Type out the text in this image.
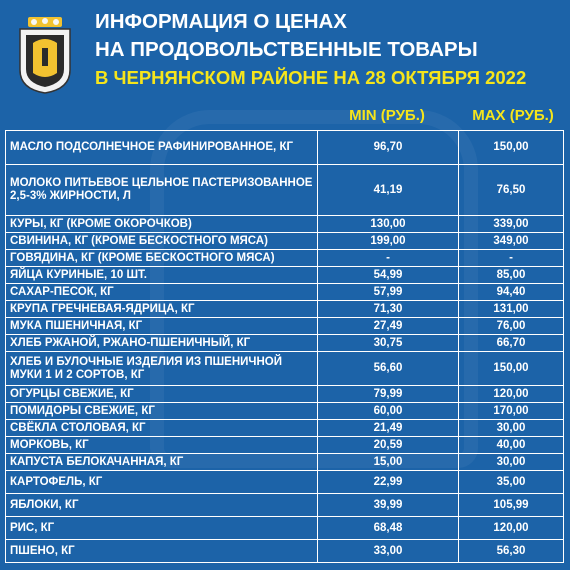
ИНФОРМАЦИЯ О ЦЕНАХ
НА ПРОДОВОЛЬСТВЕННЫЕ ТОВАРЫ
В ЧЕРНЯНСКОМ РАЙОНЕ НА 28 ОКТЯБРЯ 2022
MIN (РУБ.)	MAX (РУБ.)
МАСЛО ПОДСОЛНЕЧНОЕ РАФИНИРОВАННОЕ, КГ	96,70	150,00
МОЛОКО ПИТЬЕВОЕ ЦЕЛЬНОЕ ПАСТЕРИЗОВАННОЕ 2,5-3% ЖИРНОСТИ, Л	41,19	76,50
КУРЫ, КГ (КРОМЕ ОКОРОЧКОВ)	130,00	339,00
СВИНИНА, КГ (КРОМЕ БЕСКОСТНОГО МЯСА)	199,00	349,00
ГОВЯДИНА, КГ (КРОМЕ БЕСКОСТНОГО МЯСА)	-	-
ЯЙЦА КУРИНЫЕ, 10 ШТ.	54,99	85,00
САХАР-ПЕСОК, КГ	57,99	94,40
КРУПА ГРЕЧНЕВАЯ-ЯДРИЦА, КГ	71,30	131,00
МУКА ПШЕНИЧНАЯ, КГ	27,49	76,00
ХЛЕБ РЖАНОЙ, РЖАНО-ПШЕНИЧНЫЙ, КГ	30,75	66,70
ХЛЕБ И БУЛОЧНЫЕ ИЗДЕЛИЯ ИЗ ПШЕНИЧНОЙ МУКИ 1 И 2 СОРТОВ, КГ	56,60	150,00
ОГУРЦЫ СВЕЖИЕ, КГ	79,99	120,00
ПОМИДОРЫ СВЕЖИЕ, КГ	60,00	170,00
СВЁКЛА СТОЛОВАЯ, КГ	21,49	30,00
МОРКОВЬ, КГ	20,59	40,00
КАПУСТА БЕЛОКАЧАННАЯ, КГ	15,00	30,00
КАРТОФЕЛЬ, КГ	22,99	35,00
ЯБЛОКИ, КГ	39,99	105,99
РИС, КГ	68,48	120,00
ПШЕНО, КГ	33,00	56,30
